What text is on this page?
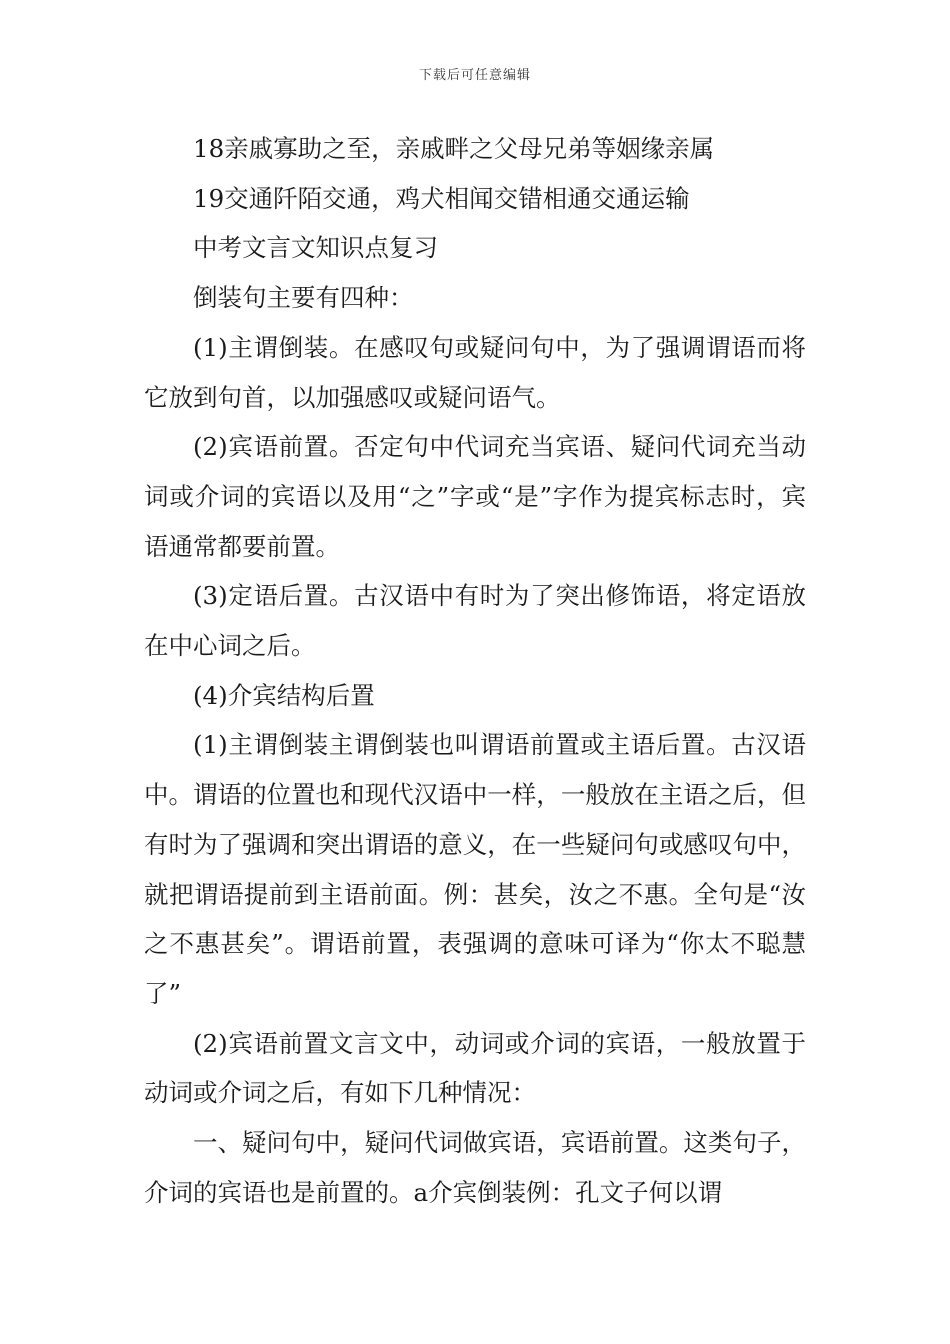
下载后可任意编辑

18亲戚寡助之至，亲戚畔之父母兄弟等姻缘亲属

19交通阡陌交通，鸡犬相闻交错相通交通运输

中考文言文知识点复习

倒装句主要有四种：

(1)主谓倒装。在感叹句或疑问句中，为了强调谓语而将它放到句首，以加强感叹或疑问语气。

(2)宾语前置。否定句中代词充当宾语、疑问代词充当动词或介词的宾语以及用“之”字或“是”字作为提宾标志时，宾语通常都要前置。

(3)定语后置。古汉语中有时为了突出修饰语，将定语放在中心词之后。

(4)介宾结构后置

(1)主谓倒装主谓倒装也叫谓语前置或主语后置。古汉语中。谓语的位置也和现代汉语中一样，一般放在主语之后，但有时为了强调和突出谓语的意义，在一些疑问句或感叹句中，就把谓语提前到主语前面。例：甚矣，汝之不惠。全句是“汝之不惠甚矣”。谓语前置，表强调的意味可译为“你太不聪慧了”

(2)宾语前置文言文中，动词或介词的宾语，一般放置于动词或介词之后，有如下几种情况：

一、疑问句中，疑问代词做宾语，宾语前置。这类句子，介词的宾语也是前置的。a介宾倒装例：孔文子何以谓
